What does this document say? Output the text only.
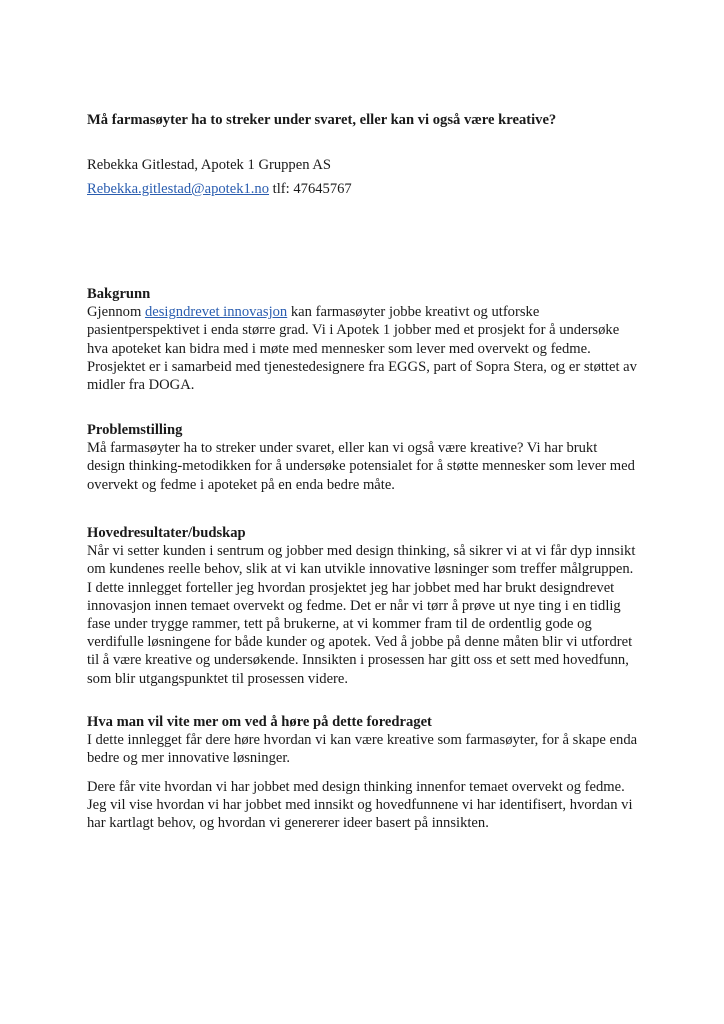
Må farmasøyter ha to streker under svaret, eller kan vi også være kreative?
Rebekka Gitlestad, Apotek 1 Gruppen AS
Rebekka.gitlestad@apotek1.no tlf: 47645767
Bakgrunn

Gjennom designdrevet innovasjon kan farmasøyter jobbe kreativt og utforske
pasientperspektivet i enda større grad. Vi i Apotek 1 jobber med et prosjekt for å undersøke
hva apoteket kan bidra med i møte med mennesker som lever med overvekt og fedme.
Prosjektet er i samarbeid med tjenestedesignere fra EGGS, part of Sopra Stera, og er støttet av
midler fra DOGA.

Problemstilling

Må farmasøyter ha to streker under svaret, eller kan vi også være kreative? Vi har brukt
design thinking-metodikken for å undersøke potensialet for å støtte mennesker som lever med
overvekt og fedme i apoteket på en enda bedre måte.

Hovedresultater/budskap

Når vi setter kunden i sentrum og jobber med design thinking, så sikrer vi at vi får dyp innsikt
om kundenes reelle behov, slik at vi kan utvikle innovative løsninger som treffer målgruppen.
I dette innlegget forteller jeg hvordan prosjektet jeg har jobbet med har brukt designdrevet
innovasjon innen temaet overvekt og fedme. Det er når vi tørr å prøve ut nye ting i en tidlig
fase under trygge rammer, tett på brukerne, at vi kommer fram til de ordentlig gode og
verdifulle løsningene for både kunder og apotek. Ved å jobbe på denne måten blir vi utfordret
til å være kreative og undersøkende. Innsikten i prosessen har gitt oss et sett med hovedfunn,
som blir utgangspunktet til prosessen videre.

Hva man vil vite mer om ved å høre på dette foredraget

I dette innlegget får dere høre hvordan vi kan være kreative som farmasøyter, for å skape enda
bedre og mer innovative løsninger.

Dere får vite hvordan vi har jobbet med design thinking innenfor temaet overvekt og fedme.
Jeg vil vise hvordan vi har jobbet med innsikt og hovedfunnene vi har identifisert, hvordan vi
har kartlagt behov, og hvordan vi genererer ideer basert på innsikten.
